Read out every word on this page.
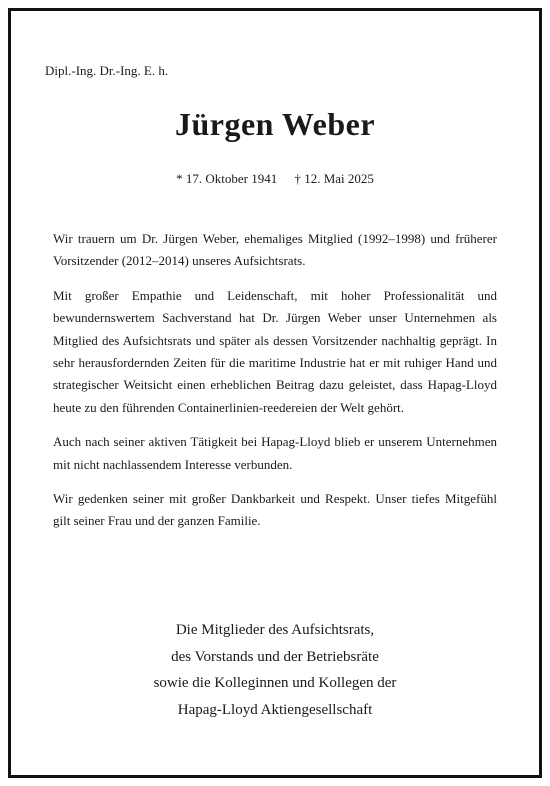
Dipl.-Ing. Dr.-Ing. E. h.
Jürgen Weber
* 17. Oktober 1941 † 12. Mai 2025

Wir trauern um Dr. Jürgen Weber, ehemaliges Mitglied (1992–1998) und früherer Vorsitzender (2012–2014) unseres Aufsichtsrats.

Mit großer Empathie und Leidenschaft, mit hoher Professionalität und bewundernswertem Sachverstand hat Dr. Jürgen Weber unser Unternehmen als Mitglied des Aufsichtsrats und später als dessen Vorsitzender nachhaltig geprägt. In sehr herausfordernden Zeiten für die maritime Industrie hat er mit ruhiger Hand und strategischer Weitsicht einen erheblichen Beitrag dazu geleistet, dass Hapag-Lloyd heute zu den führenden Containerlinien-reedereien der Welt gehört.

Auch nach seiner aktiven Tätigkeit bei Hapag-Lloyd blieb er unserem Unternehmen mit nicht nachlassendem Interesse verbunden.

Wir gedenken seiner mit großer Dankbarkeit und Respekt. Unser tiefes Mitgefühl gilt seiner Frau und der ganzen Familie.

Die Mitglieder des Aufsichtsrats,
des Vorstands und der Betriebsräte
sowie die Kolleginnen und Kollegen der
Hapag-Lloyd Aktiengesellschaft
